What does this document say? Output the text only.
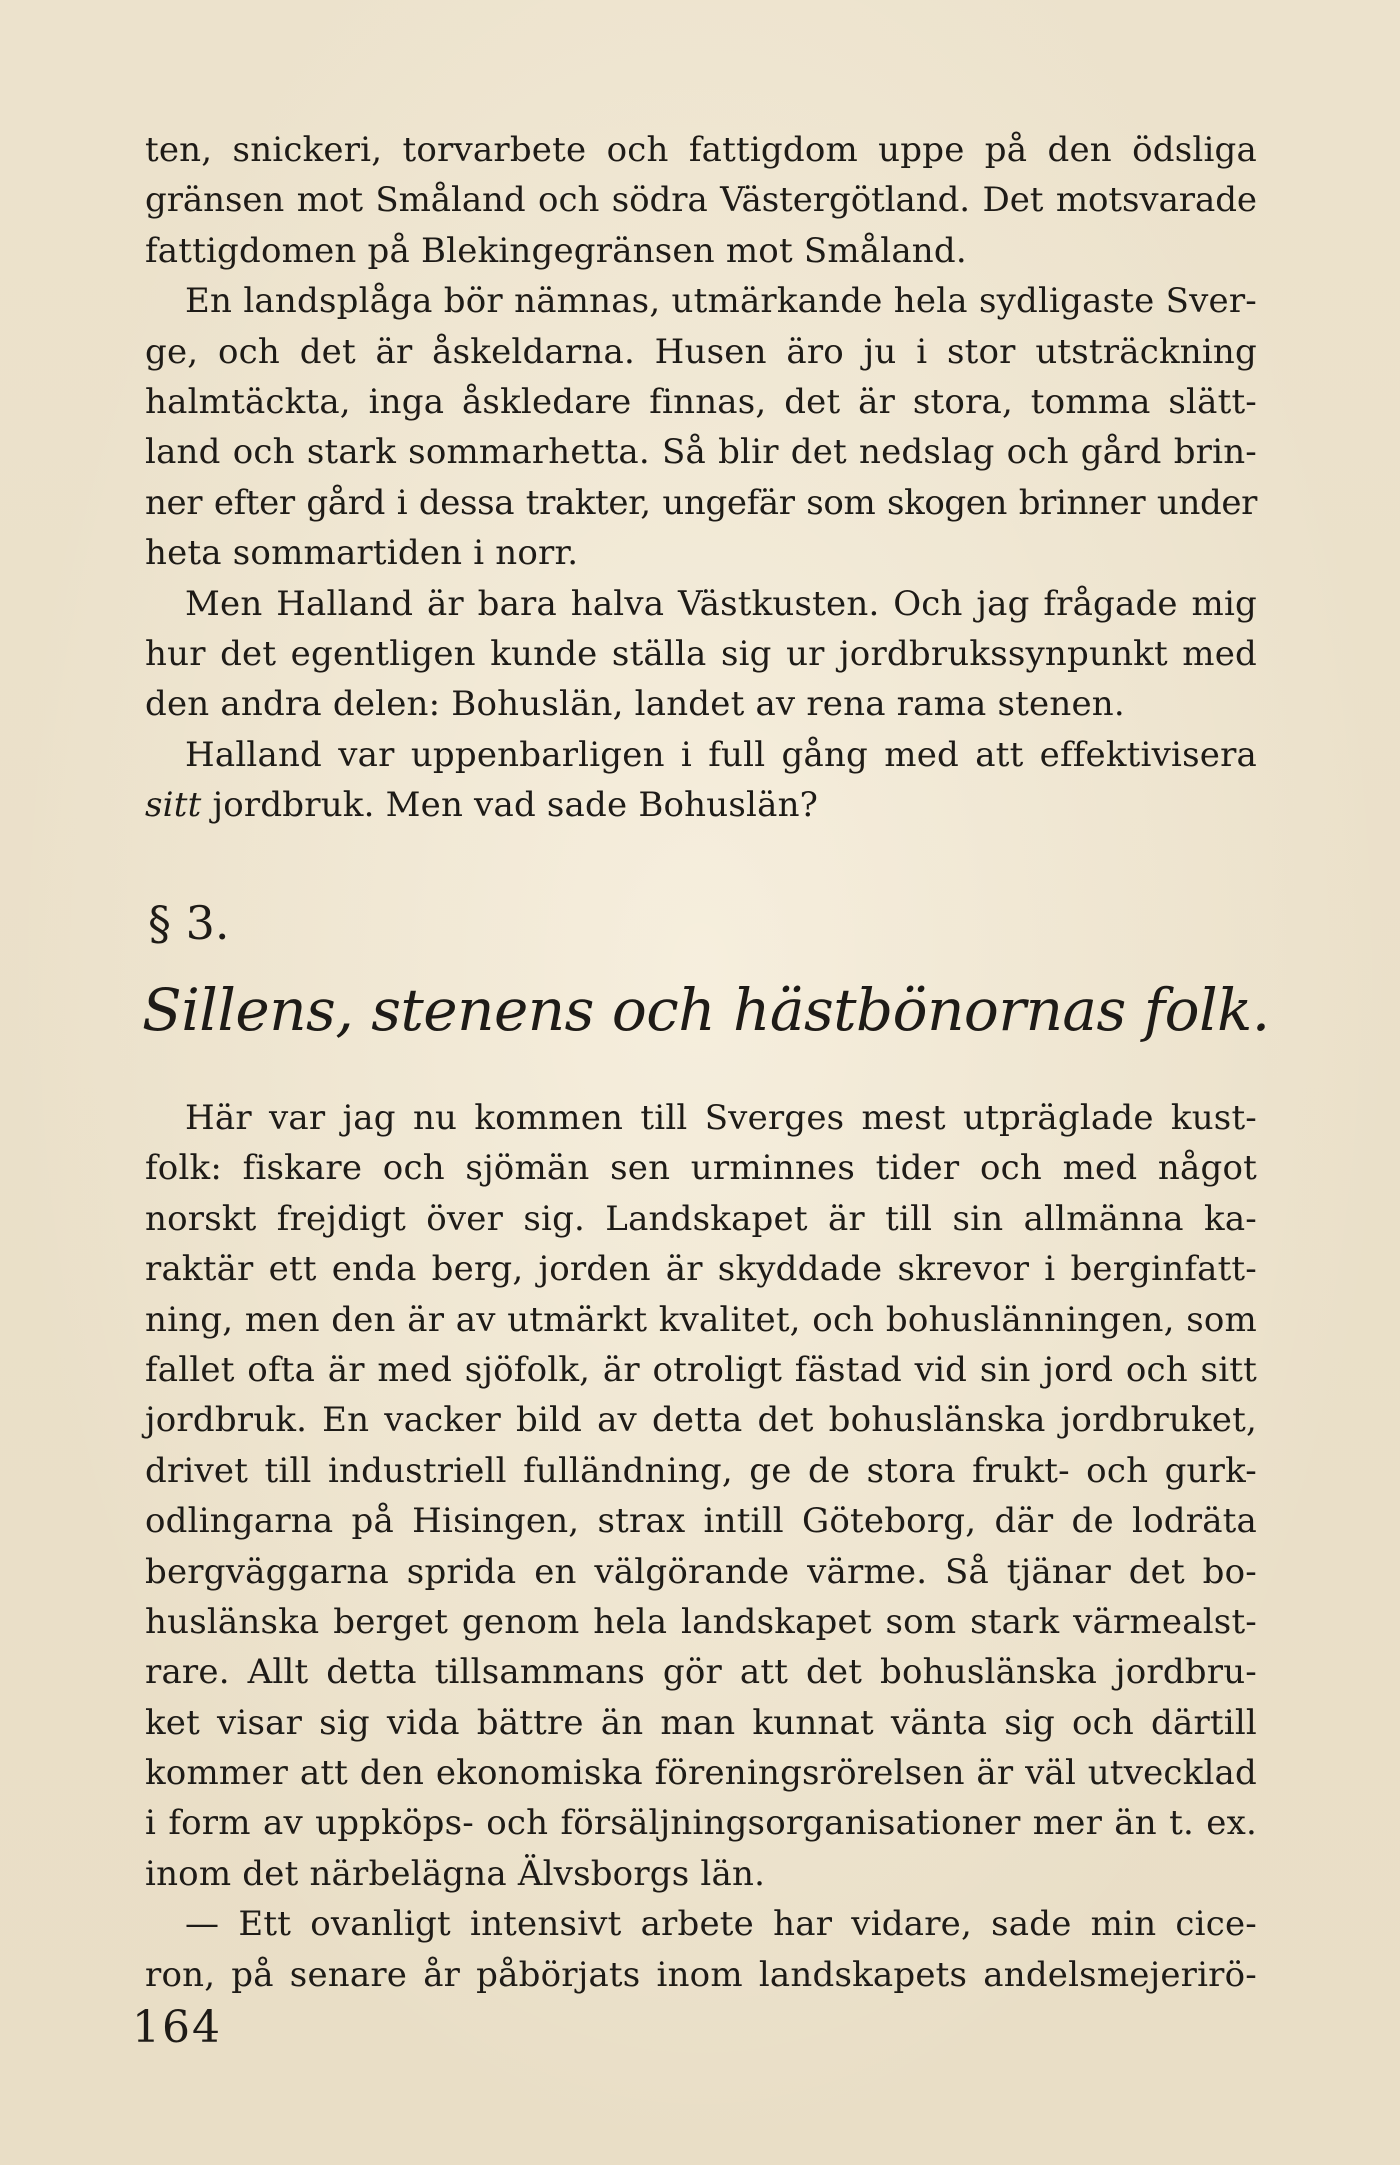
ten, snickeri, torvarbete och fattigdom uppe på den ödsliga
gränsen mot Småland och södra Västergötland. Det motsvarade
fattigdomen på Blekingegränsen mot Småland.
En landsplåga bör nämnas, utmärkande hela sydligaste Sver-
ge, och det är åskeldarna. Husen äro ju i stor utsträckning
halmtäckta, inga åskledare finnas, det är stora, tomma slätt-
land och stark sommarhetta. Så blir det nedslag och gård brin-
ner efter gård i dessa trakter, ungefär som skogen brinner under
heta sommartiden i norr.
Men Halland är bara halva Västkusten. Och jag frågade mig
hur det egentligen kunde ställa sig ur jordbrukssynpunkt med
den andra delen: Bohuslän, landet av rena rama stenen.
Halland var uppenbarligen i full gång med att effektivisera
sitt jordbruk. Men vad sade Bohuslän?
§ 3.
Sillens, stenens och hästbönornas folk.
Här var jag nu kommen till Sverges mest utpräglade kust-
folk: fiskare och sjömän sen urminnes tider och med något
norskt frejdigt över sig. Landskapet är till sin allmänna ka-
raktär ett enda berg, jorden är skyddade skrevor i berginfatt-
ning, men den är av utmärkt kvalitet, och bohuslänningen, som
fallet ofta är med sjöfolk, är otroligt fästad vid sin jord och sitt
jordbruk. En vacker bild av detta det bohuslänska jordbruket,
drivet till industriell fulländning, ge de stora frukt- och gurk-
odlingarna på Hisingen, strax intill Göteborg, där de lodräta
bergväggarna sprida en välgörande värme. Så tjänar det bo-
huslänska berget genom hela landskapet som stark värmealst-
rare. Allt detta tillsammans gör att det bohuslänska jordbru-
ket visar sig vida bättre än man kunnat vänta sig och därtill
kommer att den ekonomiska föreningsrörelsen är väl utvecklad
i form av uppköps- och försäljningsorganisationer mer än t. ex.
inom det närbelägna Älvsborgs län.
— Ett ovanligt intensivt arbete har vidare, sade min cice-
ron, på senare år påbörjats inom landskapets andelsmejerirö-
164
